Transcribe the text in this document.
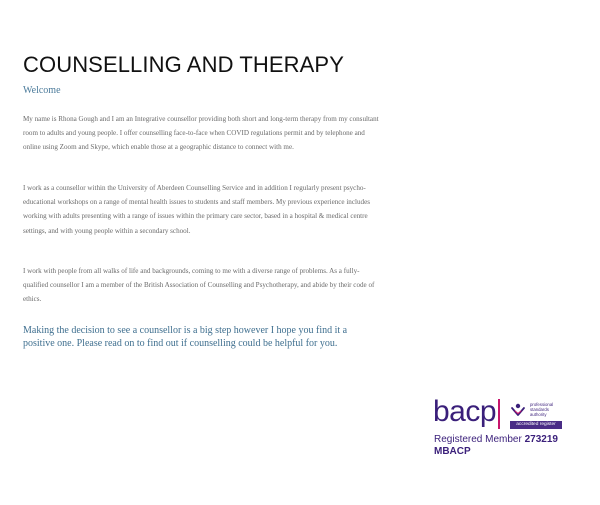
COUNSELLING AND THERAPY
Welcome

My name is Rhona Gough and I am an Integrative counsellor providing both short and long-term therapy from my consultant room to adults and young people. I offer counselling face-to-face when COVID regulations permit and by telephone and online using Zoom and Skype, which enable those at a geographic distance to connect with me.

I work as a counsellor within the University of Aberdeen Counselling Service and in addition I regularly present psycho-educational workshops on a range of mental health issues to students and staff members. My previous experience includes working with adults presenting with a range of issues within the primary care sector, based in a hospital & medical centre settings, and with young people within a secondary school.

I work with people from all walks of life and backgrounds, coming to me with a diverse range of problems. As a fully-qualified counsellor I am a member of the British Association of Counselling and Psychotherapy, and abide by their code of ethics.

Making the decision to see a counsellor is a big step however I hope you find it a positive one. Please read on to find out if counselling could be helpful for you.

bacp	professional
standards
authority
accredited register
Registered Member 273219
MBACP
